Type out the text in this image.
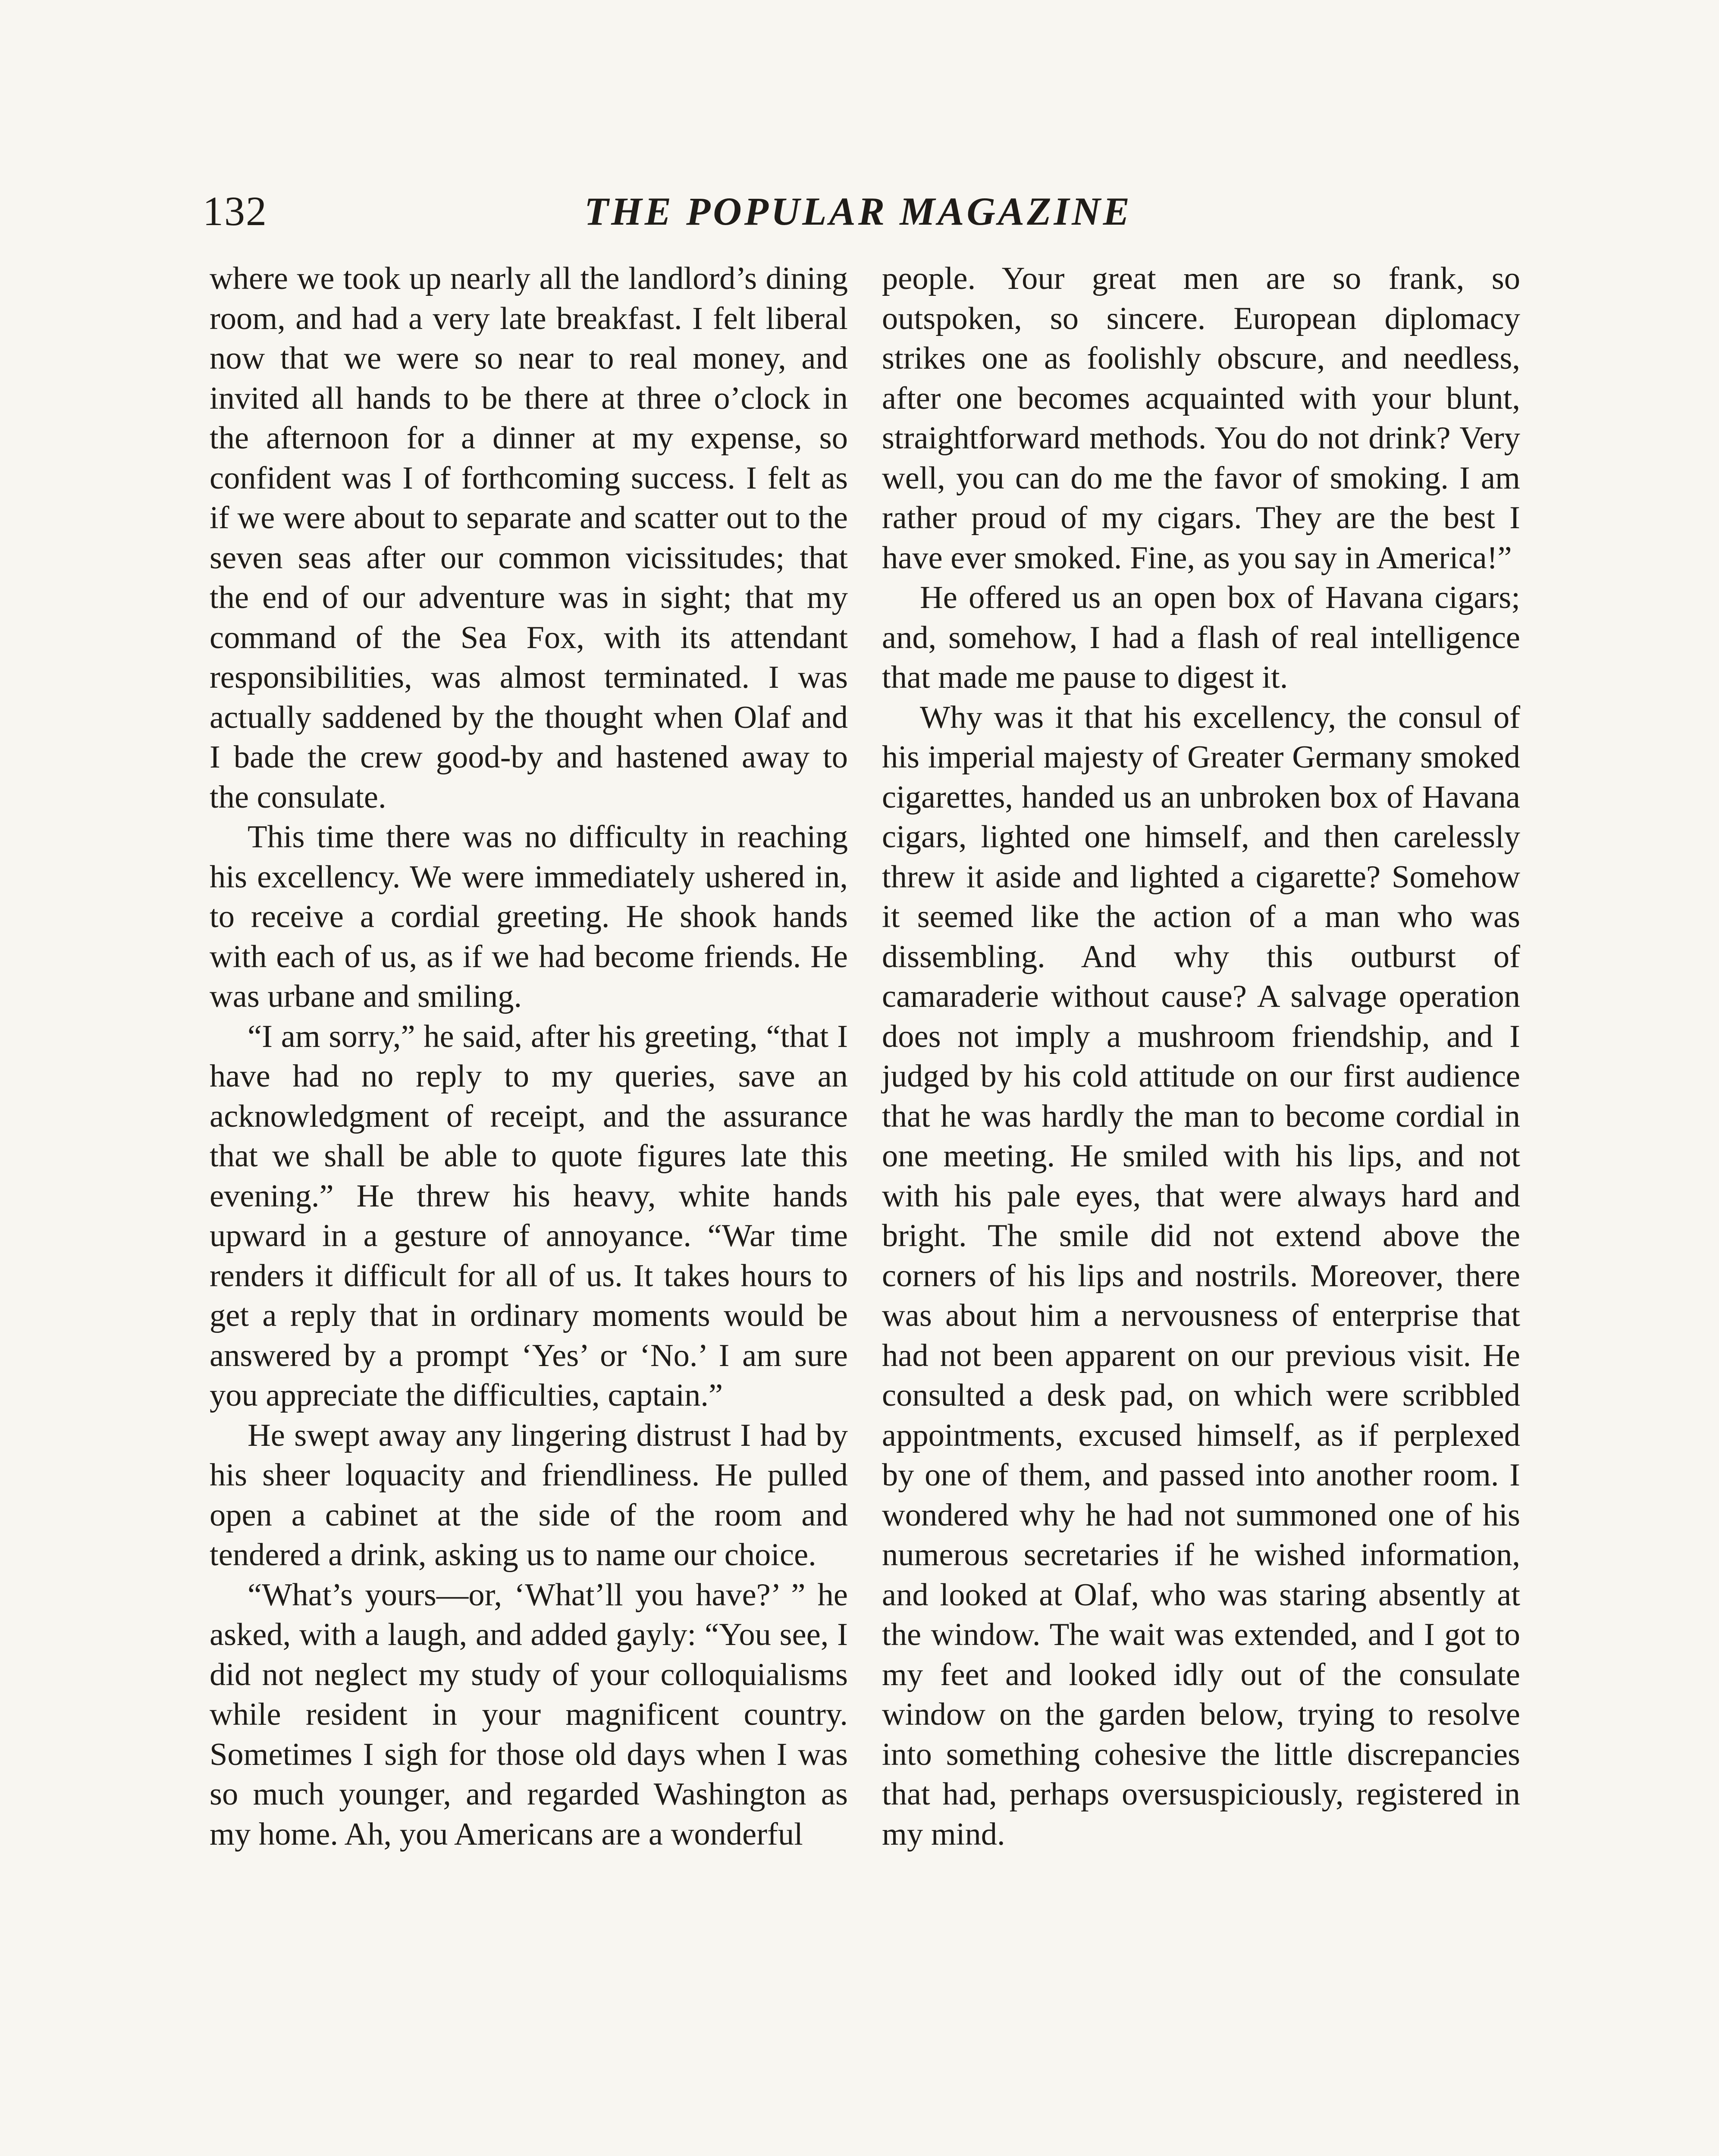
132	THE POPULAR MAGAZINE

where we took up nearly all the landlord’s dining room, and had a very late breakfast. I felt liberal now that we were so near to real money, and invited all hands to be there at three o’clock in the afternoon for a dinner at my expense, so confident was I of forthcoming success. I felt as if we were about to separate and scatter out to the seven seas after our common vicissitudes; that the end of our adventure was in sight; that my command of the Sea Fox, with its attendant responsibilities, was almost terminated. I was actually saddened by the thought when Olaf and I bade the crew good-by and hastened away to the consulate.

This time there was no difficulty in reaching his excellency. We were immediately ushered in, to receive a cordial greeting. He shook hands with each of us, as if we had become friends. He was urbane and smiling.

“I am sorry,” he said, after his greeting, “that I have had no reply to my queries, save an acknowledgment of receipt, and the assurance that we shall be able to quote figures late this evening.” He threw his heavy, white hands upward in a gesture of annoyance. “War time renders it difficult for all of us. It takes hours to get a reply that in ordinary moments would be answered by a prompt ‘Yes’ or ‘No.’ I am sure you appreciate the difficulties, captain.”

He swept away any lingering distrust I had by his sheer loquacity and friendliness. He pulled open a cabinet at the side of the room and tendered a drink, asking us to name our choice.

“What’s yours—or, ‘What’ll you have?’ ” he asked, with a laugh, and added gayly: “You see, I did not neglect my study of your colloquialisms while resident in your magnificent country. Sometimes I sigh for those old days when I was so much younger, and regarded Washington as my home. Ah, you Americans are a wonderful

people. Your great men are so frank, so outspoken, so sincere. European diplomacy strikes one as foolishly obscure, and needless, after one becomes acquainted with your blunt, straightforward methods. You do not drink? Very well, you can do me the favor of smoking. I am rather proud of my cigars. They are the best I have ever smoked. Fine, as you say in America!”

He offered us an open box of Havana cigars; and, somehow, I had a flash of real intelligence that made me pause to digest it.

Why was it that his excellency, the consul of his imperial majesty of Greater Germany smoked cigarettes, handed us an unbroken box of Havana cigars, lighted one himself, and then carelessly threw it aside and lighted a cigarette? Somehow it seemed like the action of a man who was dissembling. And why this outburst of camaraderie without cause? A salvage operation does not imply a mushroom friendship, and I judged by his cold attitude on our first audience that he was hardly the man to become cordial in one meeting. He smiled with his lips, and not with his pale eyes, that were always hard and bright. The smile did not extend above the corners of his lips and nostrils. Moreover, there was about him a nervousness of enterprise that had not been apparent on our previous visit. He consulted a desk pad, on which were scribbled appointments, excused himself, as if perplexed by one of them, and passed into another room. I wondered why he had not summoned one of his numerous secretaries if he wished information, and looked at Olaf, who was staring absently at the window. The wait was extended, and I got to my feet and looked idly out of the consulate window on the garden below, trying to resolve into something cohesive the little discrepancies that had, perhaps oversuspiciously, registered in my mind.
